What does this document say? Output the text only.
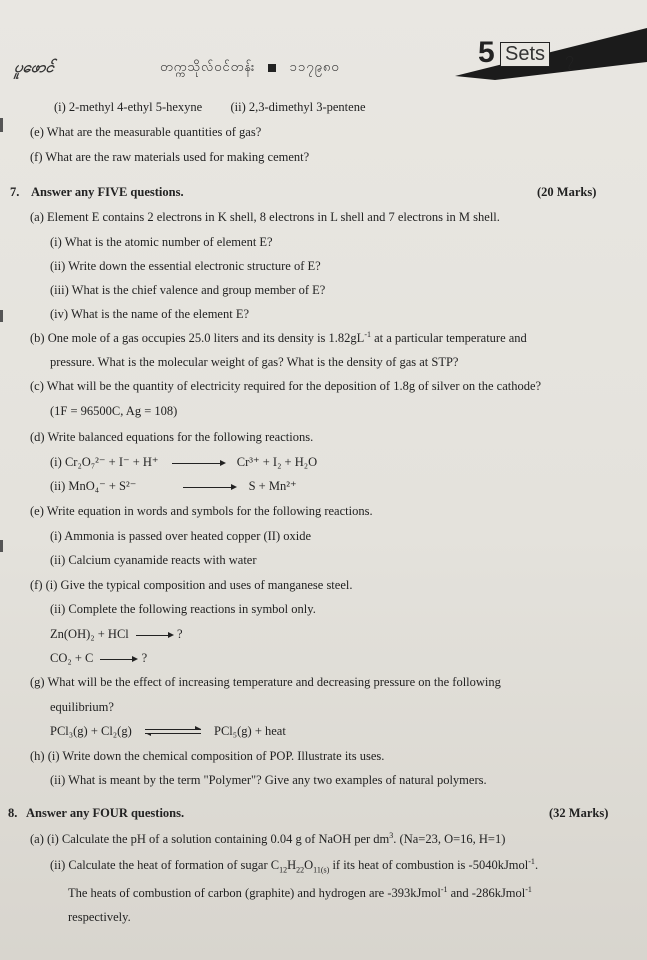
ပူဖောင်	တက္ကသိုလ်ဝင်တန်း	၁၁၇၉၈၀	5 Sets	၇
(i) 2-methyl 4-ethyl 5-hexyne (ii) 2,3-dimethyl 3-pentene
(e) What are the measurable quantities of gas?
(f) What are the raw materials used for making cement?
7. Answer any FIVE questions.	(20 Marks)
(a) Element E contains 2 electrons in K shell, 8 electrons in L shell and 7 electrons in M shell.
(i) What is the atomic number of element E?
(ii) Write down the essential electronic structure of E?
(iii) What is the chief valence and group member of E?
(iv) What is the name of the element E?
(b) One mole of a gas occupies 25.0 liters and its density is $1.82gL^{-1}$ at a particular temperature and
pressure. What is the molecular weight of gas? What is the density of gas at STP?
(c) What will be the quantity of electricity required for the deposition of 1.8g of silver on the cathode?
(1F = 96500C, Ag = 108)
(d) Write balanced equations for the following reactions.
(i) Cr₂O₇²⁻ + I⁻ + H⁺	Cr³⁺ + I₂ + H₂O
(ii) MnO₄⁻ + S²⁻	S + Mn²⁺
(e) Write equation in words and symbols for the following reactions.
(i) Ammonia is passed over heated copper (II) oxide
(ii) Calcium cyanamide reacts with water
(f) (i) Give the typical composition and uses of manganese steel.
(ii) Complete the following reactions in symbol only.
Zn(OH)₂ + HCl → ?
CO₂ + C → ?
(g) What will be the effect of increasing temperature and decreasing pressure on the following
equilibrium?
PCl₃(g) + Cl₂(g)	PCl₅(g) + heat
(h) (i) Write down the chemical composition of POP. Illustrate its uses.
(ii) What is meant by the term "Polymer"? Give any two examples of natural polymers.
8. Answer any FOUR questions.	(32 Marks)
(a) (i) Calculate the pH of a solution containing 0.04 g of NaOH per $dm^3$. (Na=23, O=16, H=1)
(ii) Calculate the heat of formation of sugar $C_{12}H_{22}O_{11(s)}$ if its heat of combustion is -5040kJmol$^{-1}$.
The heats of combustion of carbon (graphite) and hydrogen are -393kJmol$^{-1}$ and -286kJmol$^{-1}$
respectively.
